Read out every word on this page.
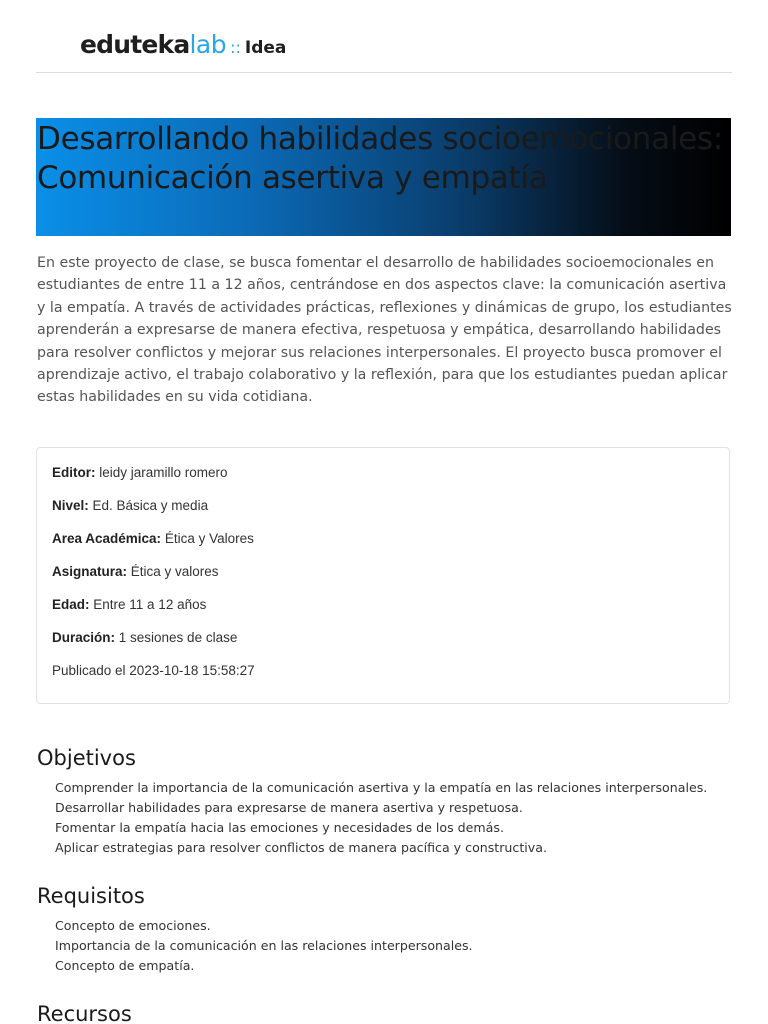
eduteka lab :: Idea
Desarrollando habilidades socioemocionales: Comunicación asertiva y empatía

En este proyecto de clase, se busca fomentar el desarrollo de habilidades socioemocionales en estudiantes de entre 11 a 12 años, centrándose en dos aspectos clave: la comunicación asertiva y la empatía. A través de actividades prácticas, reflexiones y dinámicas de grupo, los estudiantes aprenderán a expresarse de manera efectiva, respetuosa y empática, desarrollando habilidades para resolver conflictos y mejorar sus relaciones interpersonales. El proyecto busca promover el aprendizaje activo, el trabajo colaborativo y la reflexión, para que los estudiantes puedan aplicar estas habilidades en su vida cotidiana.

Editor: leidy jaramillo romero
Nivel: Ed. Básica y media
Area Académica: Ética y Valores
Asignatura: Ética y valores
Edad: Entre 11 a 12 años
Duración: 1 sesiones de clase
Publicado el 2023-10-18 15:58:27
Objetivos
Comprender la importancia de la comunicación asertiva y la empatía en las relaciones interpersonales.
Desarrollar habilidades para expresarse de manera asertiva y respetuosa.
Fomentar la empatía hacia las emociones y necesidades de los demás.
Aplicar estrategias para resolver conflictos de manera pacífica y constructiva.
Requisitos
Concepto de emociones.
Importancia de la comunicación en las relaciones interpersonales.
Concepto de empatía.
Recursos
